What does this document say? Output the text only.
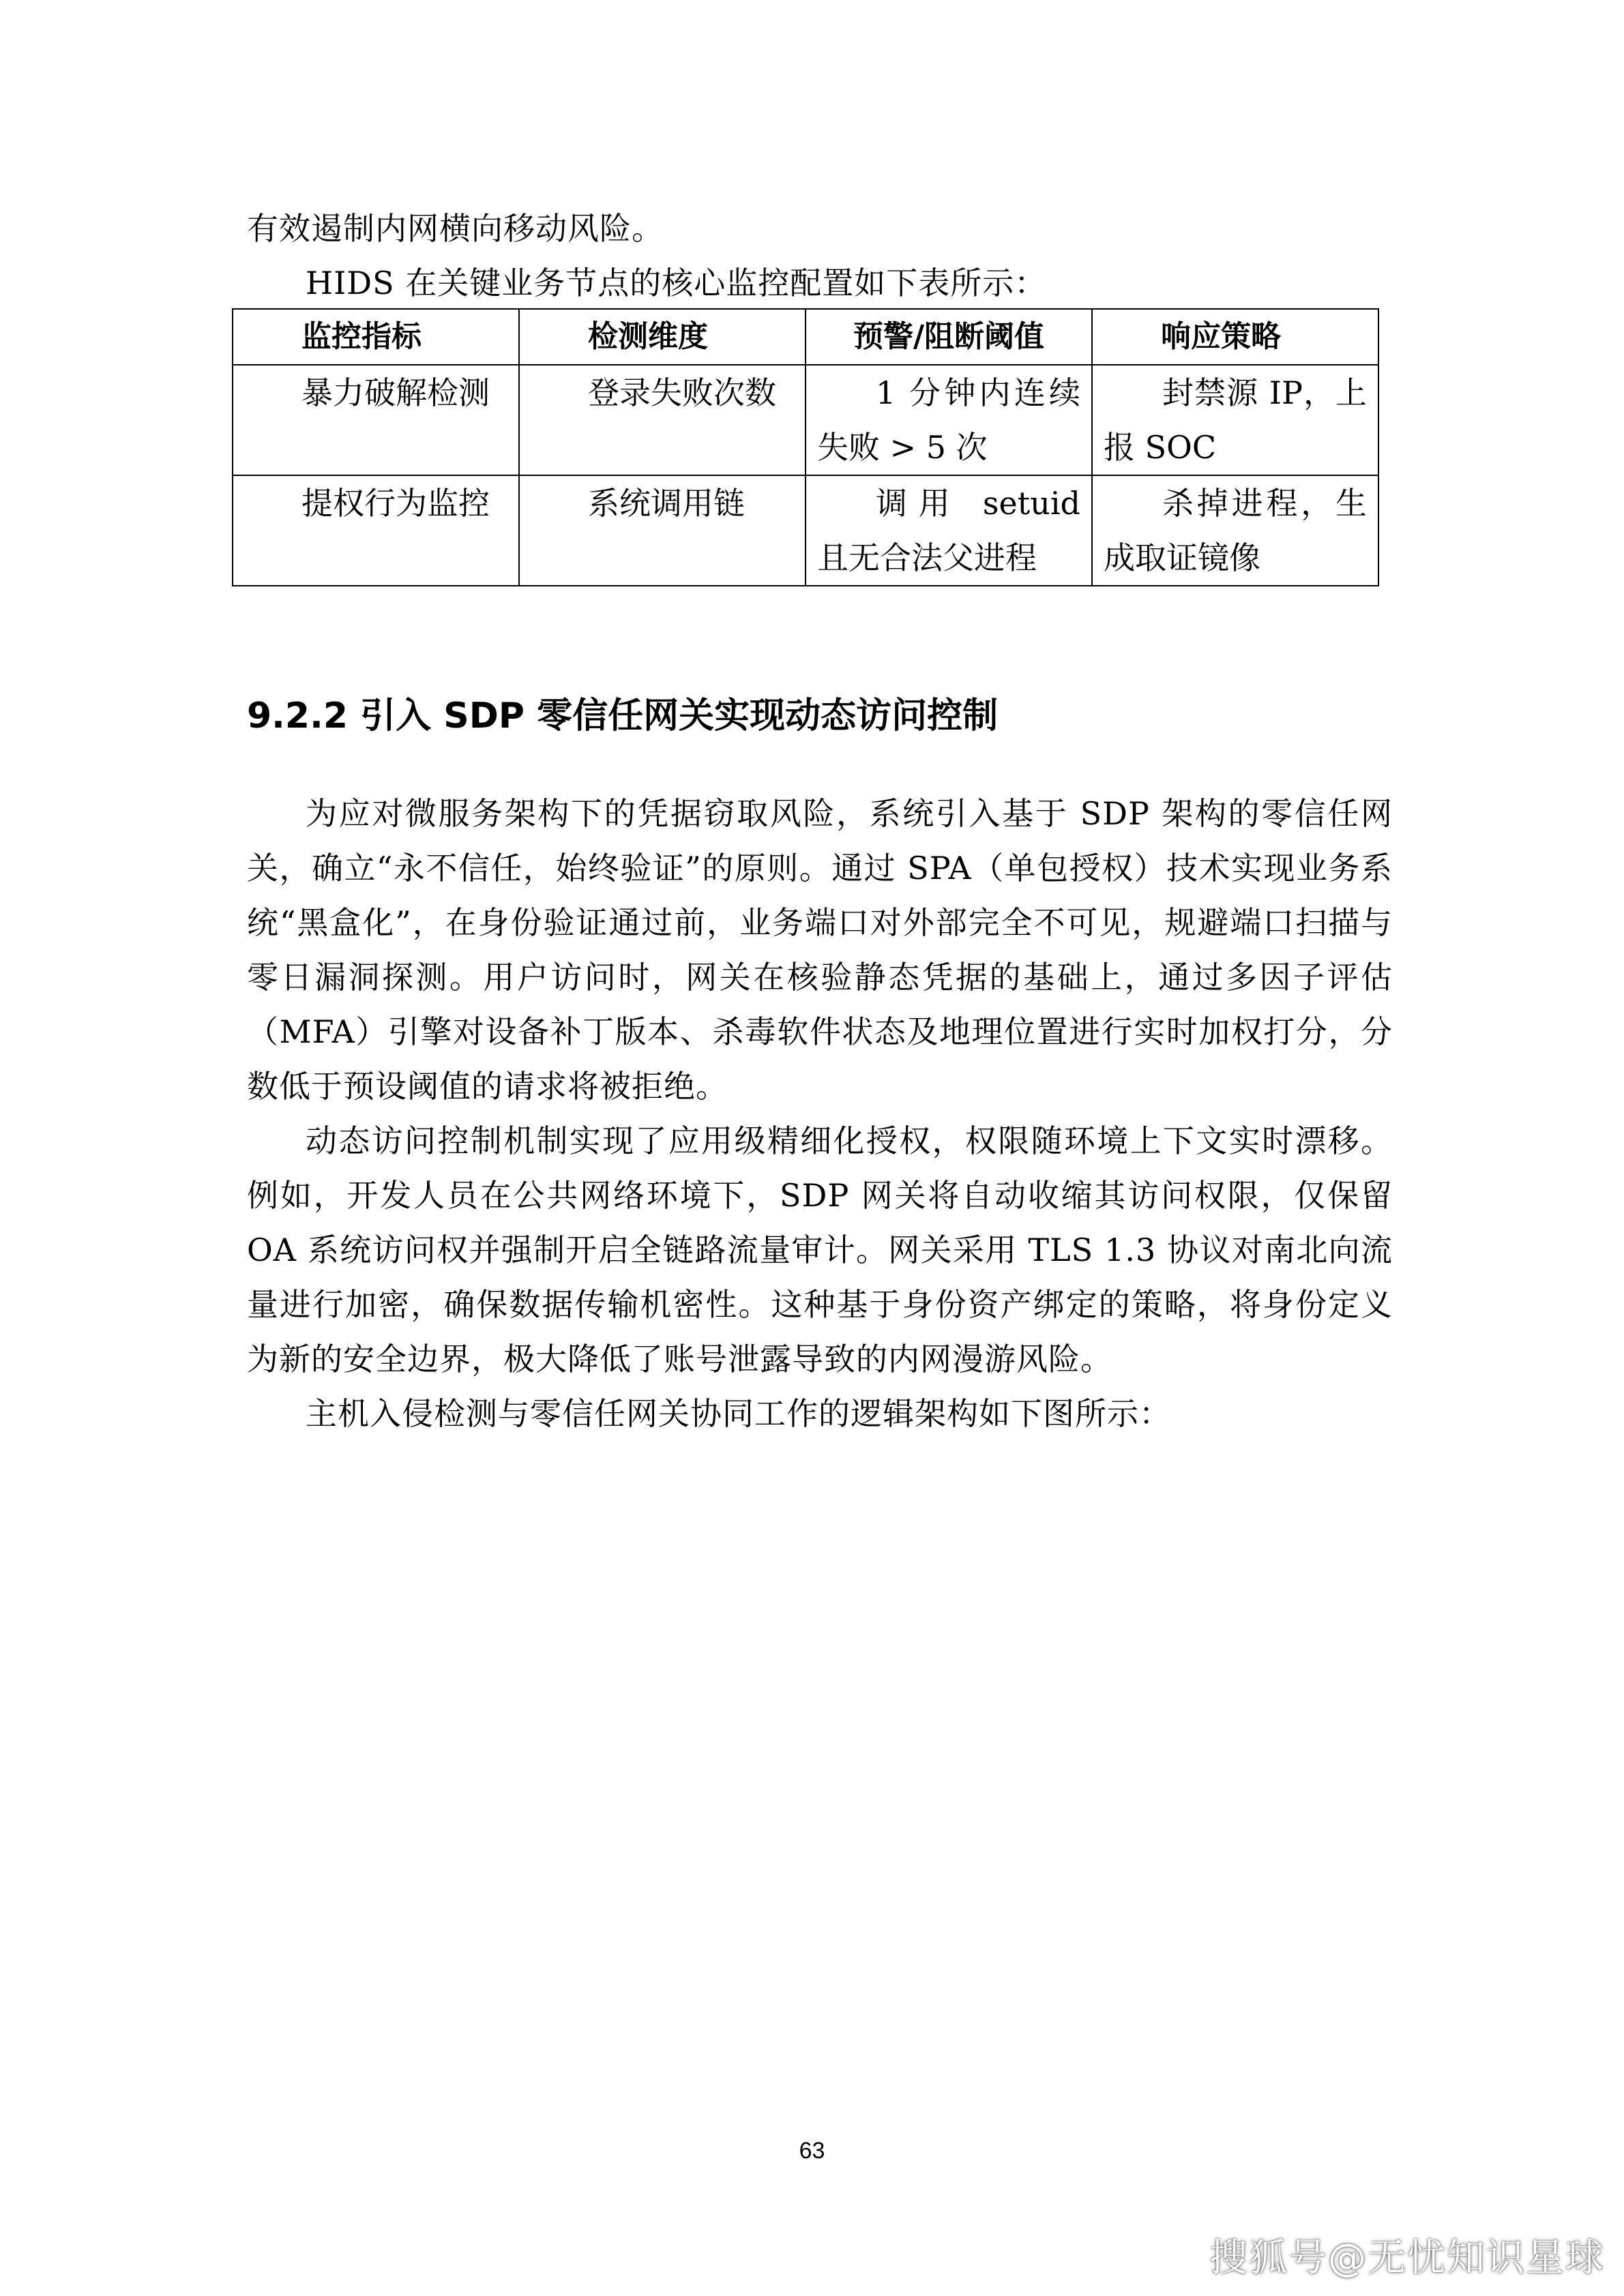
有效遏制内网横向移动风险。

HIDS 在关键业务节点的核心监控配置如下表所示：

监控指标	检测维度	预警/阻断阈值	响应策略
暴力破解检测	登录失败次数	1 分钟内连续失败 > 5 次	封禁源 IP，上报 SOC

提权行为监控	系统调用链	调用 setuid 且无合法父进程	杀掉进程，生成取证镜像
9.2.2 引入 SDP 零信任网关实现动态访问控制

为应对微服务架构下的凭据窃取风险，系统引入基于 SDP 架构的零信任网关，确立“永不信任，始终验证”的原则。通过 SPA（单包授权）技术实现业务系统“黑盒化”，在身份验证通过前，业务端口对外部完全不可见，规避端口扫描与零日漏洞探测。用户访问时，网关在核验静态凭据的基础上，通过多因子评估（MFA）引擎对设备补丁版本、杀毒软件状态及地理位置进行实时加权打分，分数低于预设阈值的请求将被拒绝。

动态访问控制机制实现了应用级精细化授权，权限随环境上下文实时漂移。例如，开发人员在公共网络环境下，SDP 网关将自动收缩其访问权限，仅保留 OA 系统访问权并强制开启全链路流量审计。网关采用 TLS 1.3 协议对南北向流量进行加密，确保数据传输机密性。这种基于身份资产绑定的策略，将身份定义为新的安全边界，极大降低了账号泄露导致的内网漫游风险。

主机入侵检测与零信任网关协同工作的逻辑架构如下图所示：

63
搜狐号@无忧知识星球
